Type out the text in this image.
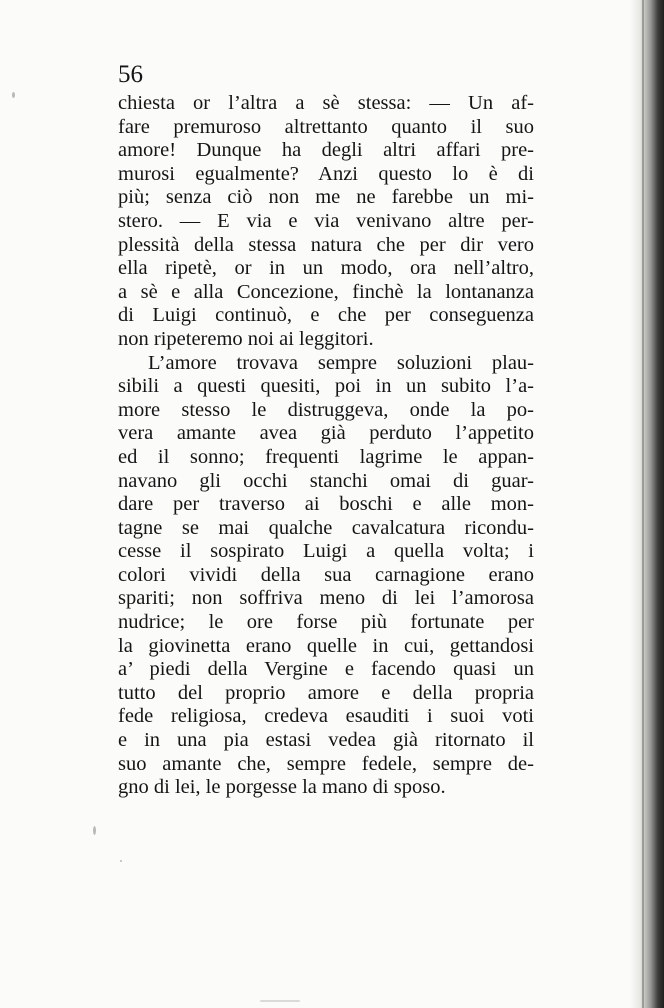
56
chiesta or l’altra a sè stessa: — Un af-
fare premuroso altrettanto quanto il suo
amore! Dunque ha degli altri affari pre-
murosi egualmente? Anzi questo lo è di
più; senza ciò non me ne farebbe un mi-
stero. — E via e via venivano altre per-
plessità della stessa natura che per dir vero
ella ripetè, or in un modo, ora nell’altro,
a sè e alla Concezione, finchè la lontananza
di Luigi continuò, e che per conseguenza
non ripeteremo noi ai leggitori.
L’amore trovava sempre soluzioni plau-
sibili a questi quesiti, poi in un subito l’a-
more stesso le distruggeva, onde la po-
vera amante avea già perduto l’appetito
ed il sonno; frequenti lagrime le appan-
navano gli occhi stanchi omai di guar-
dare per traverso ai boschi e alle mon-
tagne se mai qualche cavalcatura ricondu-
cesse il sospirato Luigi a quella volta; i
colori vividi della sua carnagione erano
spariti; non soffriva meno di lei l’amorosa
nudrice; le ore forse più fortunate per
la giovinetta erano quelle in cui, gettandosi
a’ piedi della Vergine e facendo quasi un
tutto del proprio amore e della propria
fede religiosa, credeva esauditi i suoi voti
e in una pia estasi vedea già ritornato il
suo amante che, sempre fedele, sempre de-
gno di lei, le porgesse la mano di sposo.
